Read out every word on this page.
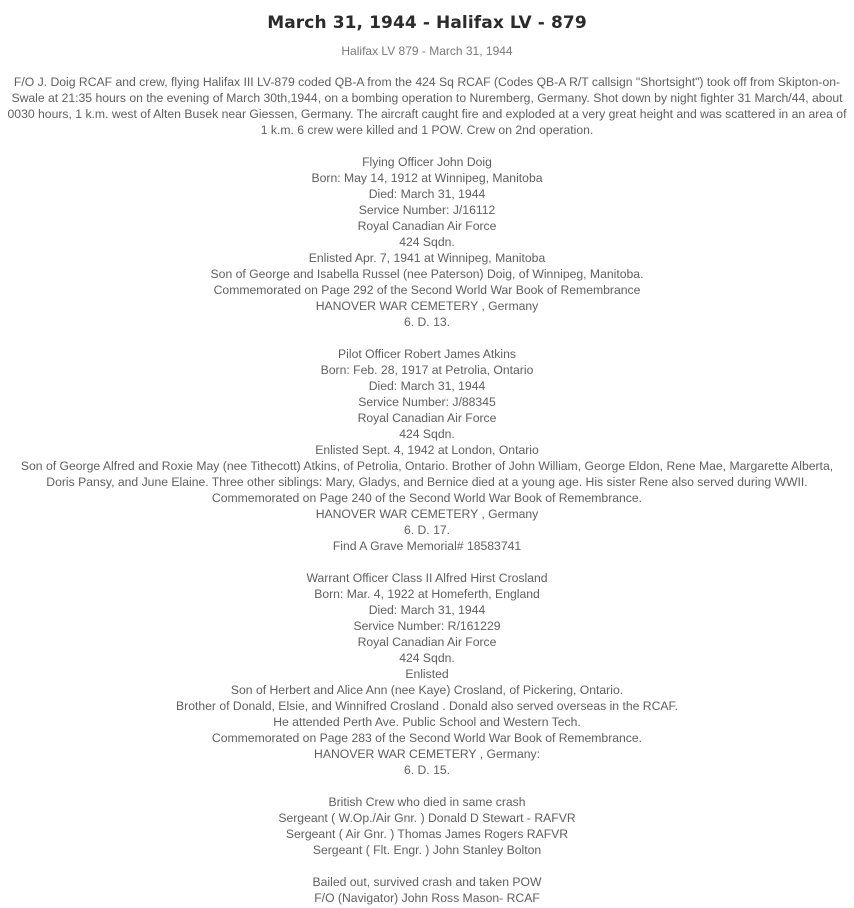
March 31, 1944 - Halifax LV - 879
Halifax LV 879 - March 31, 1944
F/O J. Doig RCAF and crew, flying Halifax III LV-879 coded QB-A from the 424 Sq RCAF (Codes QB-A R/T callsign "Shortsight") took off from Skipton-on-Swale at 21:35 hours on the evening of March 30th,1944, on a bombing operation to Nuremberg, Germany. Shot down by night fighter 31 March/44, about 0030 hours, 1 k.m. west of Alten Busek near Giessen, Germany. The aircraft caught fire and exploded at a very great height and was scattered in an area of 1 k.m. 6 crew were killed and 1 POW. Crew on 2nd operation.
Flying Officer John Doig
Born: May 14, 1912 at Winnipeg, Manitoba
Died: March 31, 1944
Service Number: J/16112
Royal Canadian Air Force
424 Sqdn.
Enlisted Apr. 7, 1941 at Winnipeg, Manitoba
Son of George and Isabella Russel (nee Paterson) Doig, of Winnipeg, Manitoba.
Commemorated on Page 292 of the Second World War Book of Remembrance
HANOVER WAR CEMETERY , Germany
6. D. 13.
Pilot Officer Robert James Atkins
Born: Feb. 28, 1917 at Petrolia, Ontario
Died: March 31, 1944
Service Number: J/88345
Royal Canadian Air Force
424 Sqdn.
Enlisted Sept. 4, 1942 at London, Ontario
Son of George Alfred and Roxie May (nee Tithecott) Atkins, of Petrolia, Ontario. Brother of John William, George Eldon, Rene Mae, Margarette Alberta, Doris Pansy, and June Elaine. Three other siblings: Mary, Gladys, and Bernice died at a young age. His sister Rene also served during WWII.
Commemorated on Page 240 of the Second World War Book of Remembrance.
HANOVER WAR CEMETERY , Germany
6. D. 17.
Find A Grave Memorial# 18583741
Warrant Officer Class II Alfred Hirst Crosland
Born: Mar. 4, 1922 at Homeferth, England
Died: March 31, 1944
Service Number: R/161229
Royal Canadian Air Force
424 Sqdn.
Enlisted
Son of Herbert and Alice Ann (nee Kaye) Crosland, of Pickering, Ontario.
Brother of Donald, Elsie, and Winnifred Crosland . Donald also served overseas in the RCAF.
He attended Perth Ave. Public School and Western Tech.
Commemorated on Page 283 of the Second World War Book of Remembrance.
HANOVER WAR CEMETERY , Germany:
6. D. 15.
British Crew who died in same crash
Sergeant ( W.Op./Air Gnr. ) Donald D Stewart - RAFVR
Sergeant ( Air Gnr. ) Thomas James Rogers RAFVR
Sergeant ( Flt. Engr. ) John Stanley Bolton
Bailed out, survived crash and taken POW
F/O (Navigator) John Ross Mason- RCAF
